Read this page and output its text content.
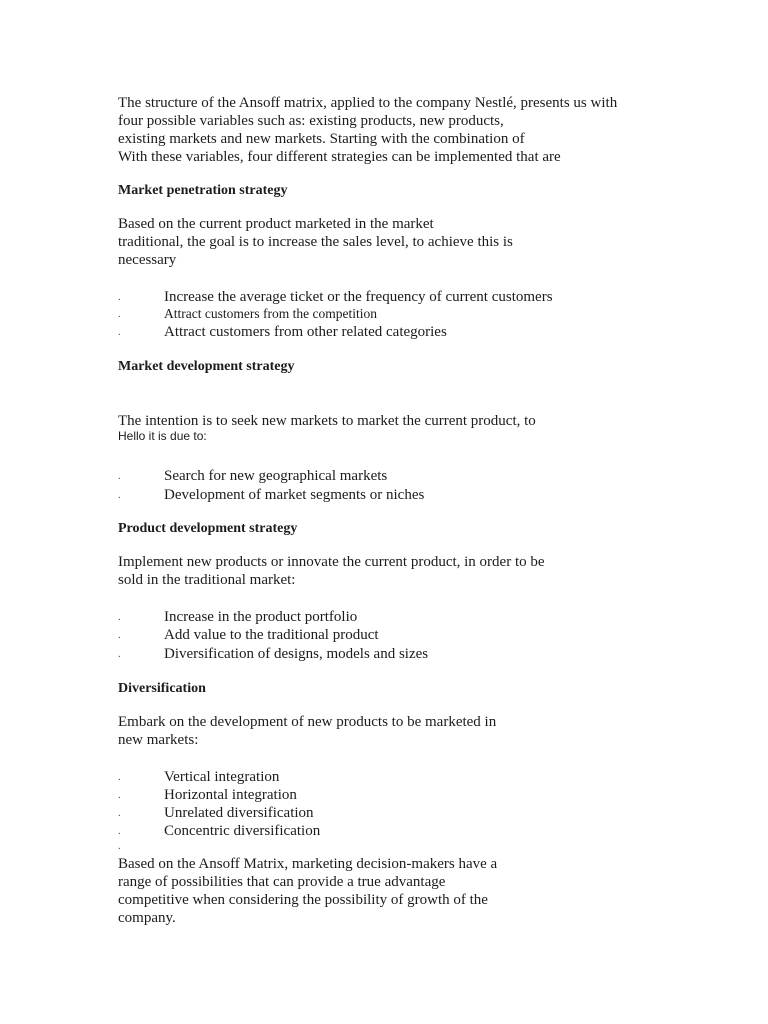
The structure of the Ansoff matrix, applied to the company Nestlé, presents us with
four possible variables such as: existing products, new products,
existing markets and new markets. Starting with the combination of
With these variables, four different strategies can be implemented that are
Market penetration strategy
Based on the current product marketed in the market
traditional, the goal is to increase the sales level, to achieve this is
necessary
.	Increase the average ticket or the frequency of current customers
.	Attract customers from the competition
.	Attract customers from other related categories
Market development strategy
The intention is to seek new markets to market the current product, to
Hello it is due to:
.	Search for new geographical markets
.	Development of market segments or niches
Product development strategy
Implement new products or innovate the current product, in order to be
sold in the traditional market:
.	Increase in the product portfolio
.	Add value to the traditional product
.	Diversification of designs, models and sizes
Diversification
Embark on the development of new products to be marketed in
new markets:
.	Vertical integration
.	Horizontal integration
.	Unrelated diversification
.	Concentric diversification
.
Based on the Ansoff Matrix, marketing decision-makers have a
range of possibilities that can provide a true advantage
competitive when considering the possibility of growth of the
company.
